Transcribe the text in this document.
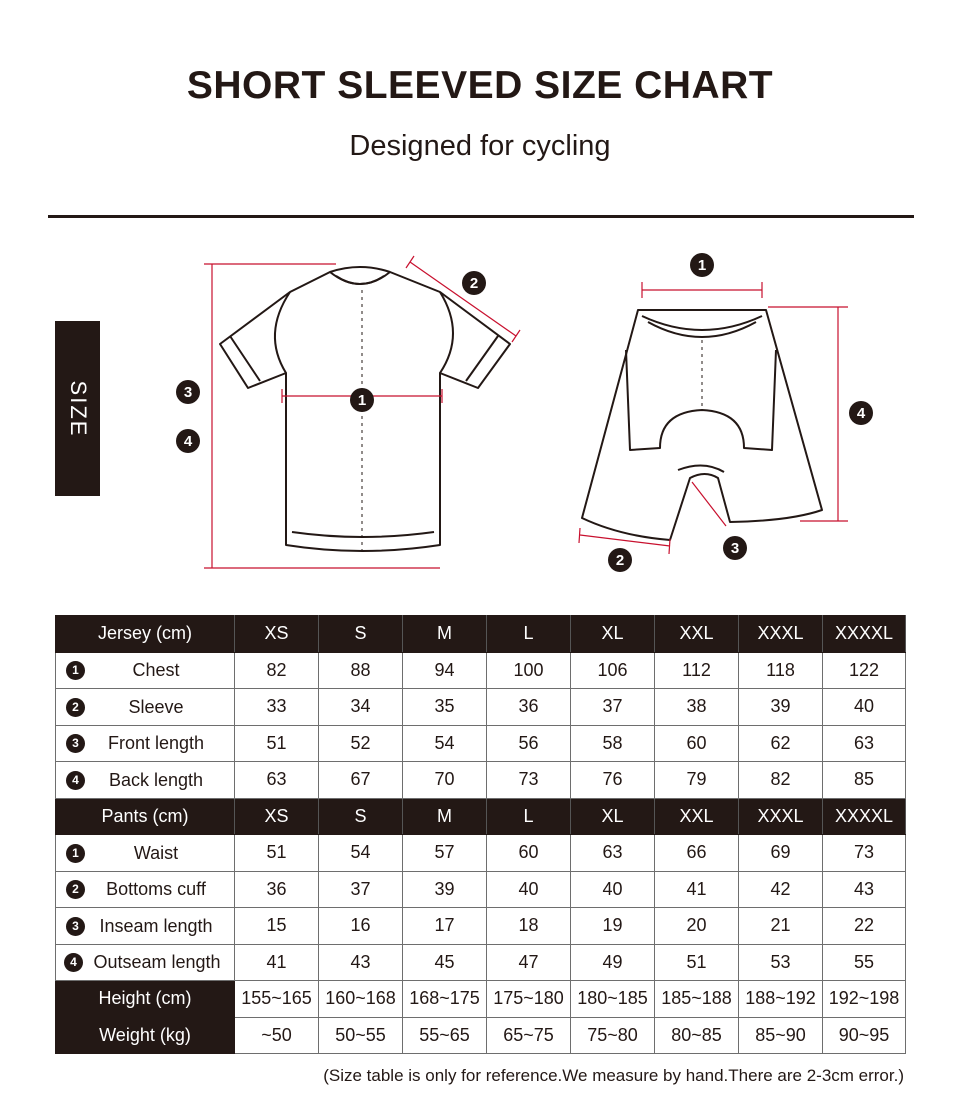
SHORT SLEEVED SIZE CHART
Designed for cycling
SIZE	1
2
3
4
1
2
3
4
Jersey (cm)	XS	S	M	L	XL	XXL	XXXL	XXXXL
1 Chest	82	88	94	100	106	112	118	122
2 Sleeve	33	34	35	36	37	38	39	40
3 Front length	51	52	54	56	58	60	62	63
4 Back length	63	67	70	73	76	79	82	85
Pants (cm)	XS	S	M	L	XL	XXL	XXXL	XXXXL
1 Waist	51	54	57	60	63	66	69	73
2 Bottoms cuff	36	37	39	40	40	41	42	43
3 Inseam length	15	16	17	18	19	20	21	22
4 Outseam length	41	43	45	47	49	51	53	55
Height (cm)	155~165	160~168	168~175	175~180	180~185	185~188	188~192	192~198
Weight (kg)	~50	50~55	55~65	65~75	75~80	80~85	85~90	90~95
(Size table is only for reference.We measure by hand.There are 2-3cm error.)
